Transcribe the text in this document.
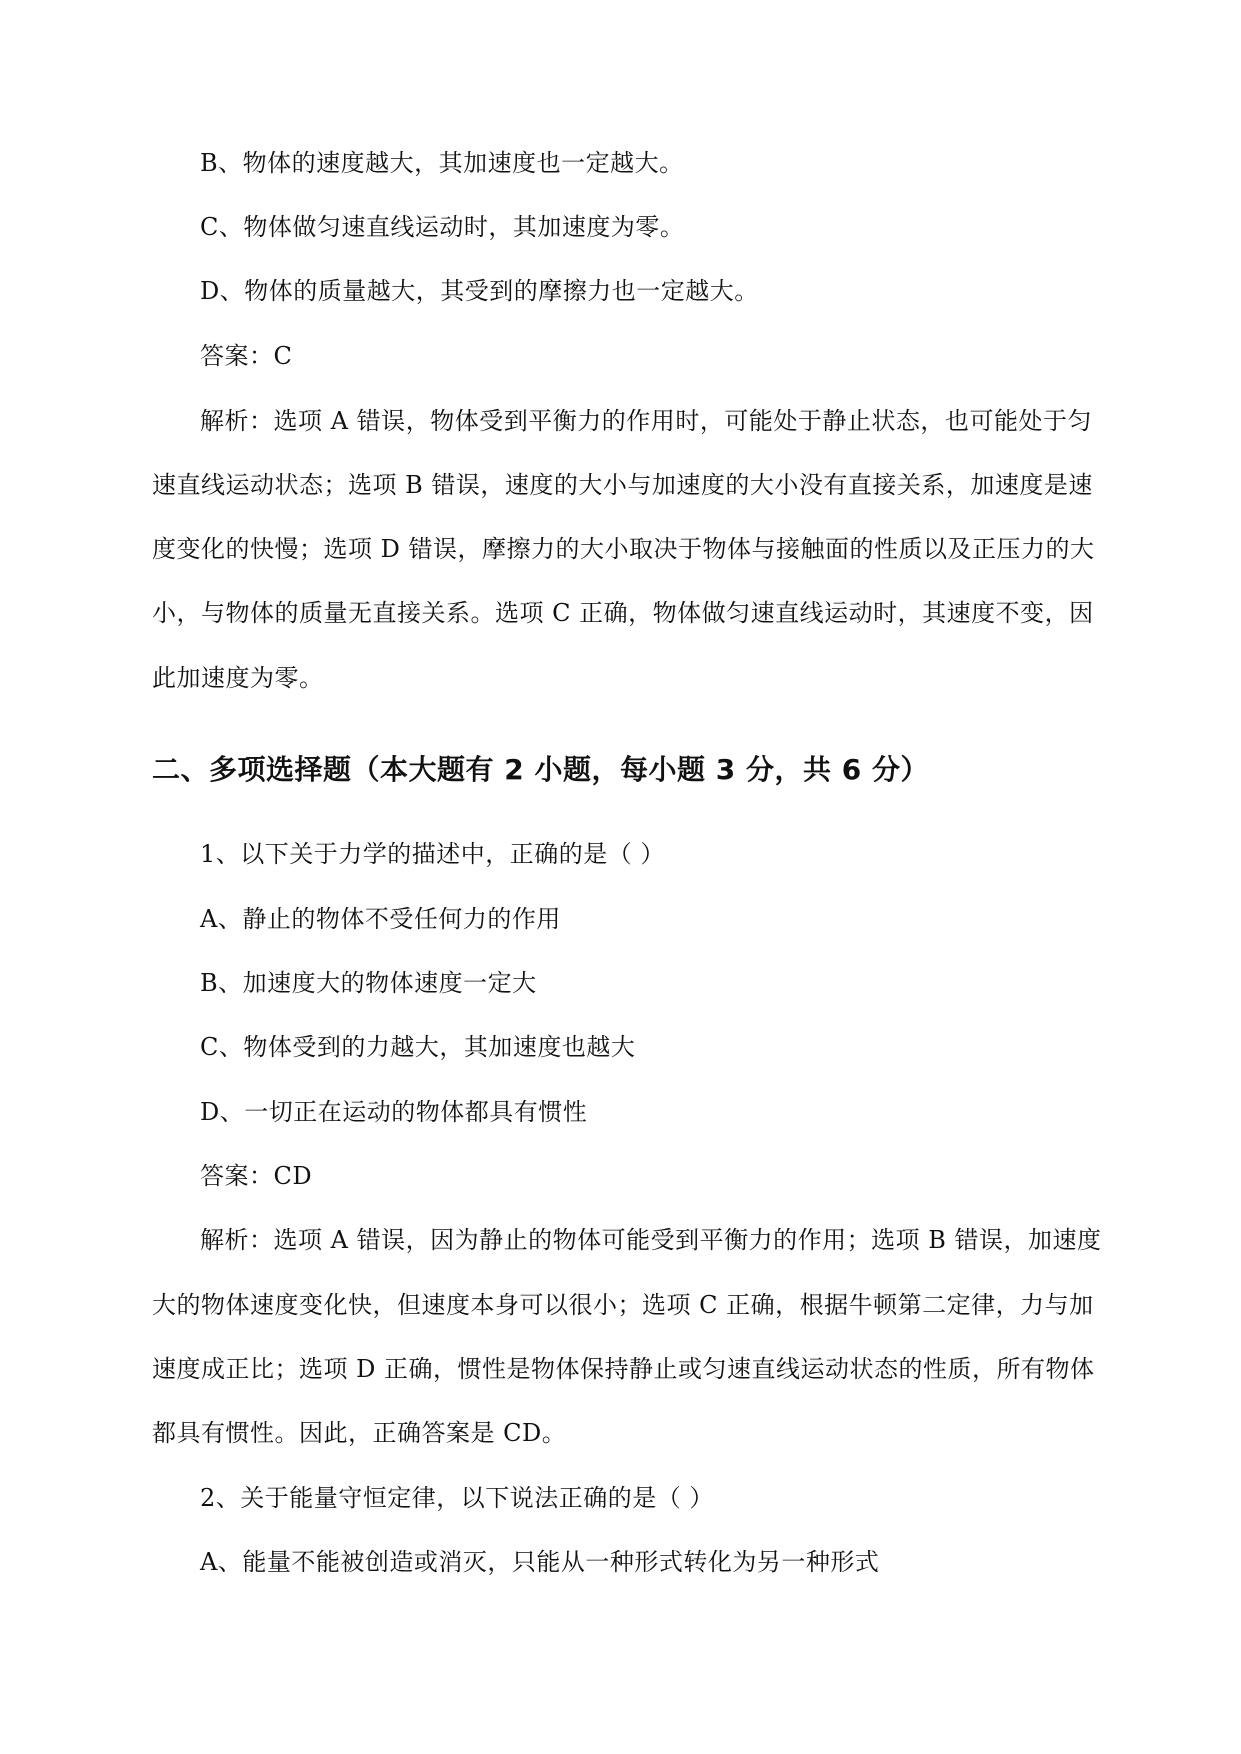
B、物体的速度越大，其加速度也一定越大。
C、物体做匀速直线运动时，其加速度为零。
D、物体的质量越大，其受到的摩擦力也一定越大。
答案：C
解析：选项 A 错误，物体受到平衡力的作用时，可能处于静止状态，也可能处于匀
速直线运动状态；选项 B 错误，速度的大小与加速度的大小没有直接关系，加速度是速
度变化的快慢；选项 D 错误，摩擦力的大小取决于物体与接触面的性质以及正压力的大
小，与物体的质量无直接关系。选项 C 正确，物体做匀速直线运动时，其速度不变，因
此加速度为零。
二、多项选择题（本大题有 2 小题，每小题 3 分，共 6 分）
1、以下关于力学的描述中，正确的是（ ）
A、静止的物体不受任何力的作用
B、加速度大的物体速度一定大
C、物体受到的力越大，其加速度也越大
D、一切正在运动的物体都具有惯性
答案：CD
解析：选项 A 错误，因为静止的物体可能受到平衡力的作用；选项 B 错误，加速度
大的物体速度变化快，但速度本身可以很小；选项 C 正确，根据牛顿第二定律，力与加
速度成正比；选项 D 正确，惯性是物体保持静止或匀速直线运动状态的性质，所有物体
都具有惯性。因此，正确答案是 CD。
2、关于能量守恒定律，以下说法正确的是（ ）
A、能量不能被创造或消灭，只能从一种形式转化为另一种形式
